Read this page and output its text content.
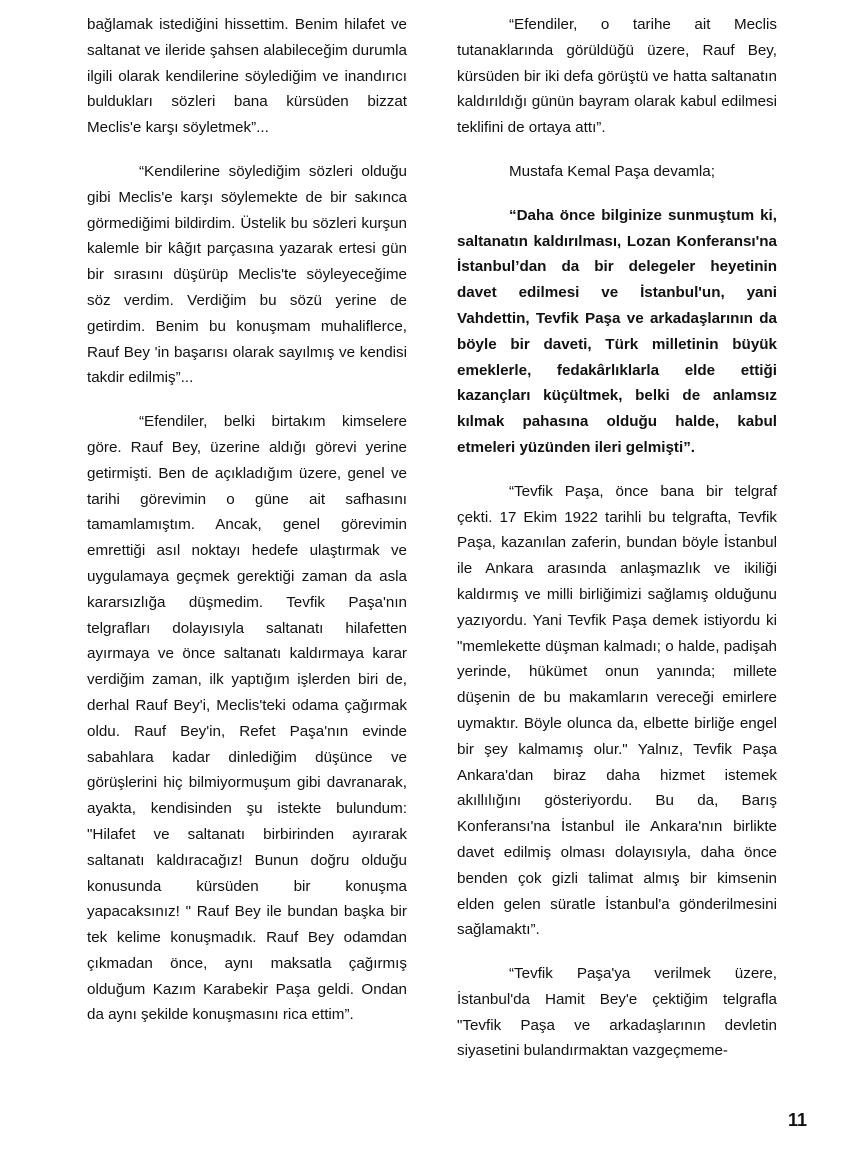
bağlamak istediğini hissettim. Benim hilafet ve saltanat ve ileride şahsen alabileceğim durumla ilgili olarak kendilerine söylediğim ve inandırıcı buldukları sözleri bana kürsüden bizzat Meclis'e karşı söyletmek”...

“Kendilerine söylediğim sözleri olduğu gibi Meclis'e karşı söylemekte de bir sakınca görmediğimi bildirdim. Üstelik bu sözleri kurşun kalemle bir kâğıt parçasına yazarak ertesi gün bir sırasını düşürüp Meclis'te söyleyeceğime söz verdim. Verdiğim bu sözü yerine de getirdim. Benim bu konuşmam muhaliflerce, Rauf Bey 'in başarısı olarak sayılmış ve kendisi takdir edilmiş”...

“Efendiler, belki birtakım kimselere göre. Rauf Bey, üzerine aldığı görevi yerine getirmişti. Ben de açıkladığım üzere, genel ve tarihi görevimin o güne ait safhasını tamamlamıştım. Ancak, genel görevimin emrettiği asıl noktayı hedefe ulaştırmak ve uygulamaya geçmek gerektiği zaman da asla kararsızlığa düşmedim. Tevfik Paşa'nın telgrafları dolayısıyla saltanatı hilafetten ayırmaya ve önce saltanatı kaldırmaya karar verdiğim zaman, ilk yaptığım işlerden biri de, derhal Rauf Bey'i, Meclis'teki odama çağırmak oldu. Rauf Bey'in, Refet Paşa'nın evinde sabahlara kadar dinlediğim düşünce ve görüşlerini hiç bilmiyormuşum gibi davranarak, ayakta, kendisinden şu istekte bulundum: "Hilafet ve saltanatı birbirinden ayırarak saltanatı kaldıracağız! Bunun doğru olduğu konusunda kürsüden bir konuşma yapacaksınız! " Rauf Bey ile bundan başka bir tek kelime konuşmadık. Rauf Bey odamdan çıkmadan önce, aynı maksatla çağırmış olduğum Kazım Karabekir Paşa geldi. Ondan da aynı şekilde konuşmasını rica ettim”.

“Efendiler, o tarihe ait Meclis tutanaklarında görüldüğü üzere, Rauf Bey, kürsüden bir iki defa görüştü ve hatta saltanatın kaldırıldığı günün bayram olarak kabul edilmesi teklifini de ortaya attı”.

Mustafa Kemal Paşa devamla;

“Daha önce bilginize sunmuştum ki, saltanatın kaldırılması, Lozan Konferansı'na İstanbul’dan da bir delegeler heyetinin davet edilmesi ve İstanbul'un, yani Vahdettin, Tevfik Paşa ve arkadaşlarının da böyle bir daveti, Türk milletinin büyük emeklerle, fedakârlıklarla elde ettiği kazançları küçültmek, belki de anlamsız kılmak pahasına olduğu halde, kabul etmeleri yüzünden ileri gelmişti”.

“Tevfik Paşa, önce bana bir telgraf çekti. 17 Ekim 1922 tarihli bu telgrafta, Tevfik Paşa, kazanılan zaferin, bundan böyle İstanbul ile Ankara arasında anlaşmazlık ve ikiliği kaldırmış ve milli birliğimizi sağlamış olduğunu yazıyordu. Yani Tevfik Paşa demek istiyordu ki "memlekette düşman kalmadı; o halde, padişah yerinde, hükümet onun yanında; millete düşenin de bu makamların vereceği emirlere uymaktır. Böyle olunca da, elbette birliğe engel bir şey kalmamış olur." Yalnız, Tevfik Paşa Ankara'dan biraz daha hizmet istemek akıllılığını gösteriyordu. Bu da, Barış Konferansı'na İstanbul ile Ankara'nın birlikte davet edilmiş olması dolayısıyla, daha önce benden çok gizli talimat almış bir kimsenin elden gelen süratle İstanbul'a gönderilmesini sağlamaktı”.

“Tevfik Paşa'ya verilmek üzere, İstanbul'da Hamit Bey'e çektiğim telgrafla "Tevfik Paşa ve arkadaşlarının devletin siyasetini bulandırmaktan vazgeçmeme-

11
